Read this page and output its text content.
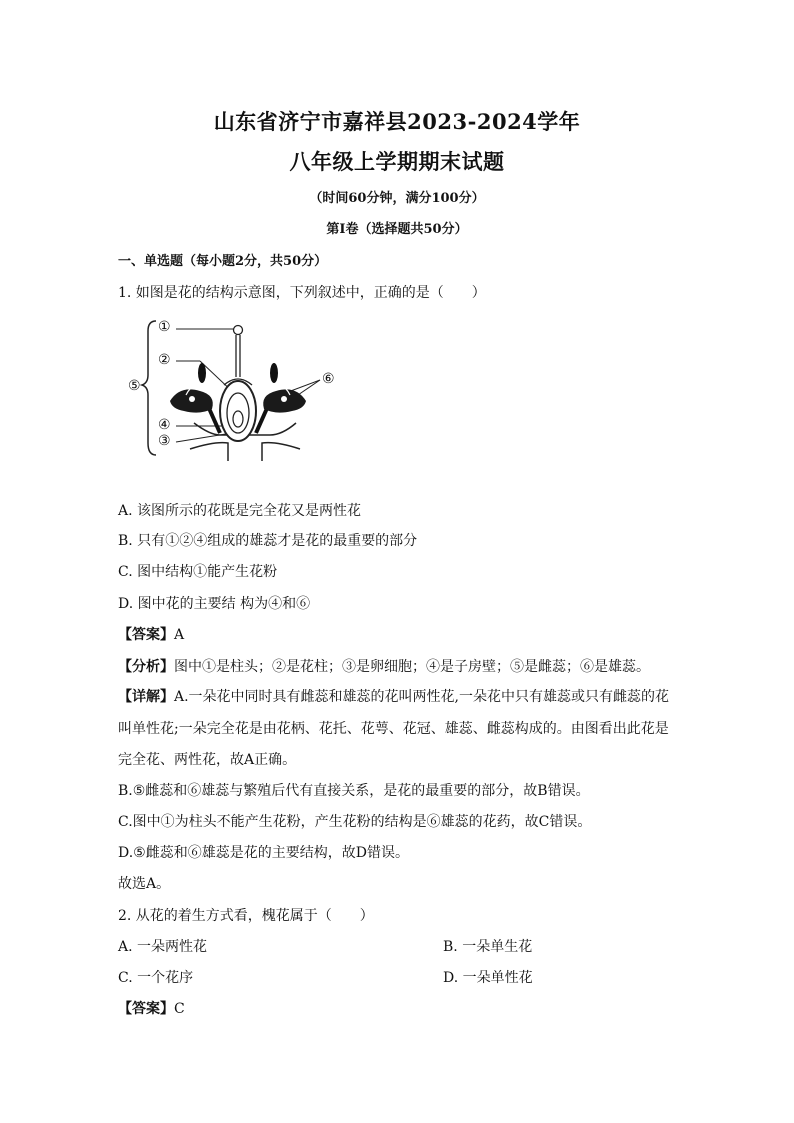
山东省济宁市嘉祥县2023-2024学年
八年级上学期期末试题
（时间60分钟，满分100分）
第Ⅰ卷（选择题共50分）
一、单选题（每小题2分，共50分）
1. 如图是花的结构示意图，下列叙述中，正确的是（　　）
①
②
⑤	⑥
④
③
A. 该图所示的花既是完全花又是两性花
B. 只有①②④组成的雄蕊才是花的最重要的部分
C. 图中结构①能产生花粉
D. 图中花的主要结 构为④和⑥
【答案】A
【分析】图中①是柱头；②是花柱；③是卵细胞；④是子房壁；⑤是雌蕊；⑥是雄蕊。
【详解】A.一朵花中同时具有雌蕊和雄蕊的花叫两性花,一朵花中只有雄蕊或只有雌蕊的花
叫单性花;一朵完全花是由花柄、花托、花萼、花冠、雄蕊、雌蕊构成的。由图看出此花是
完全花、两性花，故A正确。
B.⑤雌蕊和⑥雄蕊与繁殖后代有直接关系，是花的最重要的部分，故B错误。
C.图中①为柱头不能产生花粉，产生花粉的结构是⑥雄蕊的花药，故C错误。
D.⑤雌蕊和⑥雄蕊是花的主要结构，故D错误。
故选A。
2. 从花的着生方式看，槐花属于（　　）
A. 一朵两性花	B. 一朵单生花
C. 一个花序	D. 一朵单性花
【答案】C
